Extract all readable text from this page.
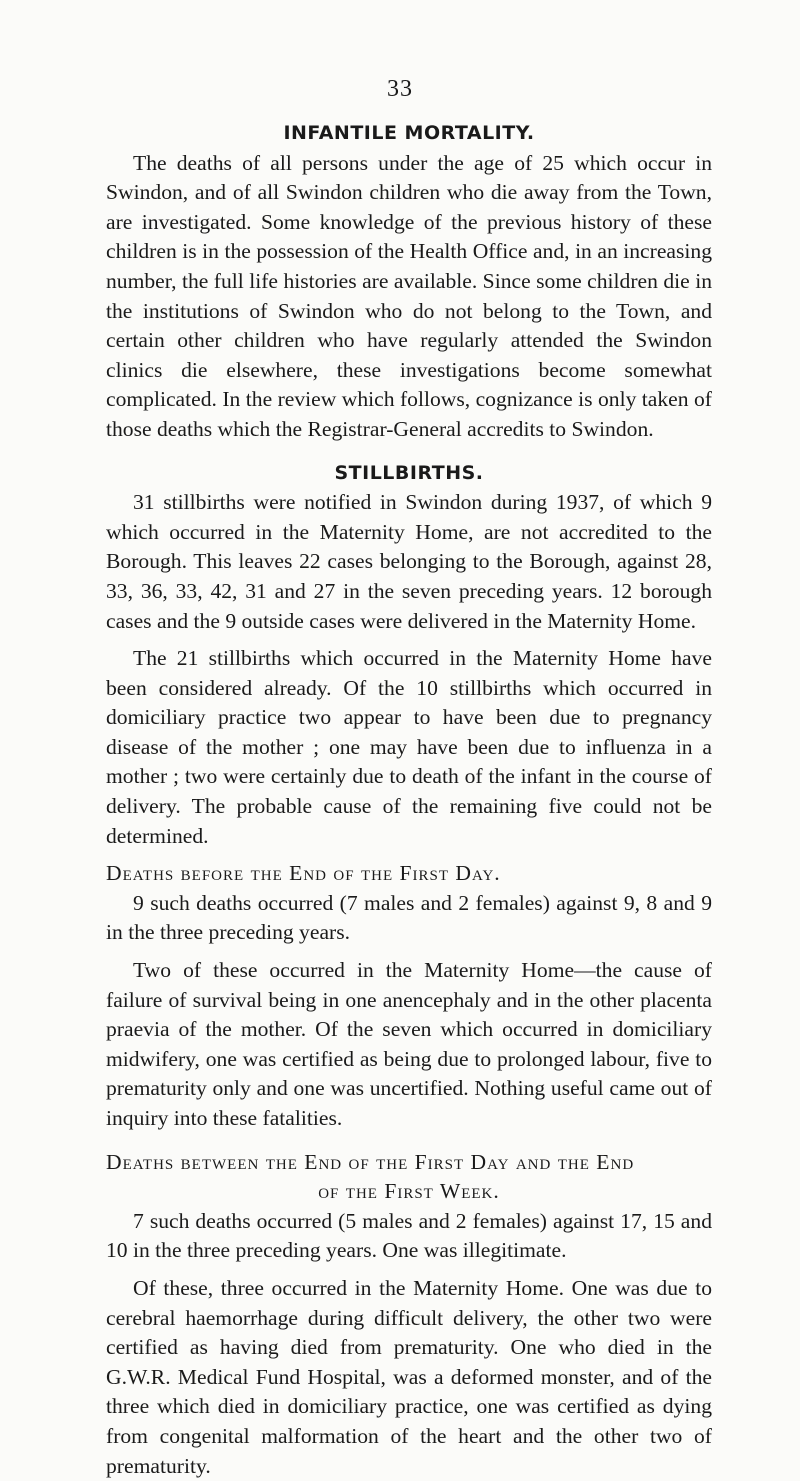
33
INFANTILE MORTALITY.

The deaths of all persons under the age of 25 which occur in Swindon, and of all Swindon children who die away from the Town, are investigated. Some knowledge of the previous history of these children is in the possession of the Health Office and, in an increasing number, the full life histories are available. Since some children die in the institutions of Swindon who do not belong to the Town, and certain other children who have regularly attended the Swindon clinics die elsewhere, these investigations become somewhat complicated. In the review which follows, cognizance is only taken of those deaths which the Registrar-General accredits to Swindon.

STILLBIRTHS.

31 stillbirths were notified in Swindon during 1937, of which 9 which occurred in the Maternity Home, are not accredited to the Borough. This leaves 22 cases belonging to the Borough, against 28, 33, 36, 33, 42, 31 and 27 in the seven preceding years. 12 borough cases and the 9 outside cases were delivered in the Maternity Home.

The 21 stillbirths which occurred in the Maternity Home have been considered already. Of the 10 stillbirths which occurred in domiciliary practice two appear to have been due to pregnancy disease of the mother ; one may have been due to influenza in a mother ; two were certainly due to death of the infant in the course of delivery. The probable cause of the remaining five could not be determined.

Deaths before the End of the First Day.

9 such deaths occurred (7 males and 2 females) against 9, 8 and 9 in the three preceding years.

Two of these occurred in the Maternity Home—the cause of failure of survival being in one anencephaly and in the other placenta praevia of the mother. Of the seven which occurred in domiciliary midwifery, one was certified as being due to prolonged labour, five to prematurity only and one was uncertified. Nothing useful came out of inquiry into these fatalities.

Deaths between the End of the First Day and the End
of the First Week.

7 such deaths occurred (5 males and 2 females) against 17, 15 and 10 in the three preceding years. One was illegitimate.

Of these, three occurred in the Maternity Home. One was due to cerebral haemorrhage during difficult delivery, the other two were certified as having died from prematurity. One who died in the G.W.R. Medical Fund Hospital, was a deformed monster, and of the three which died in domiciliary practice, one was certified as dying from congenital malformation of the heart and the other two of prematurity.
